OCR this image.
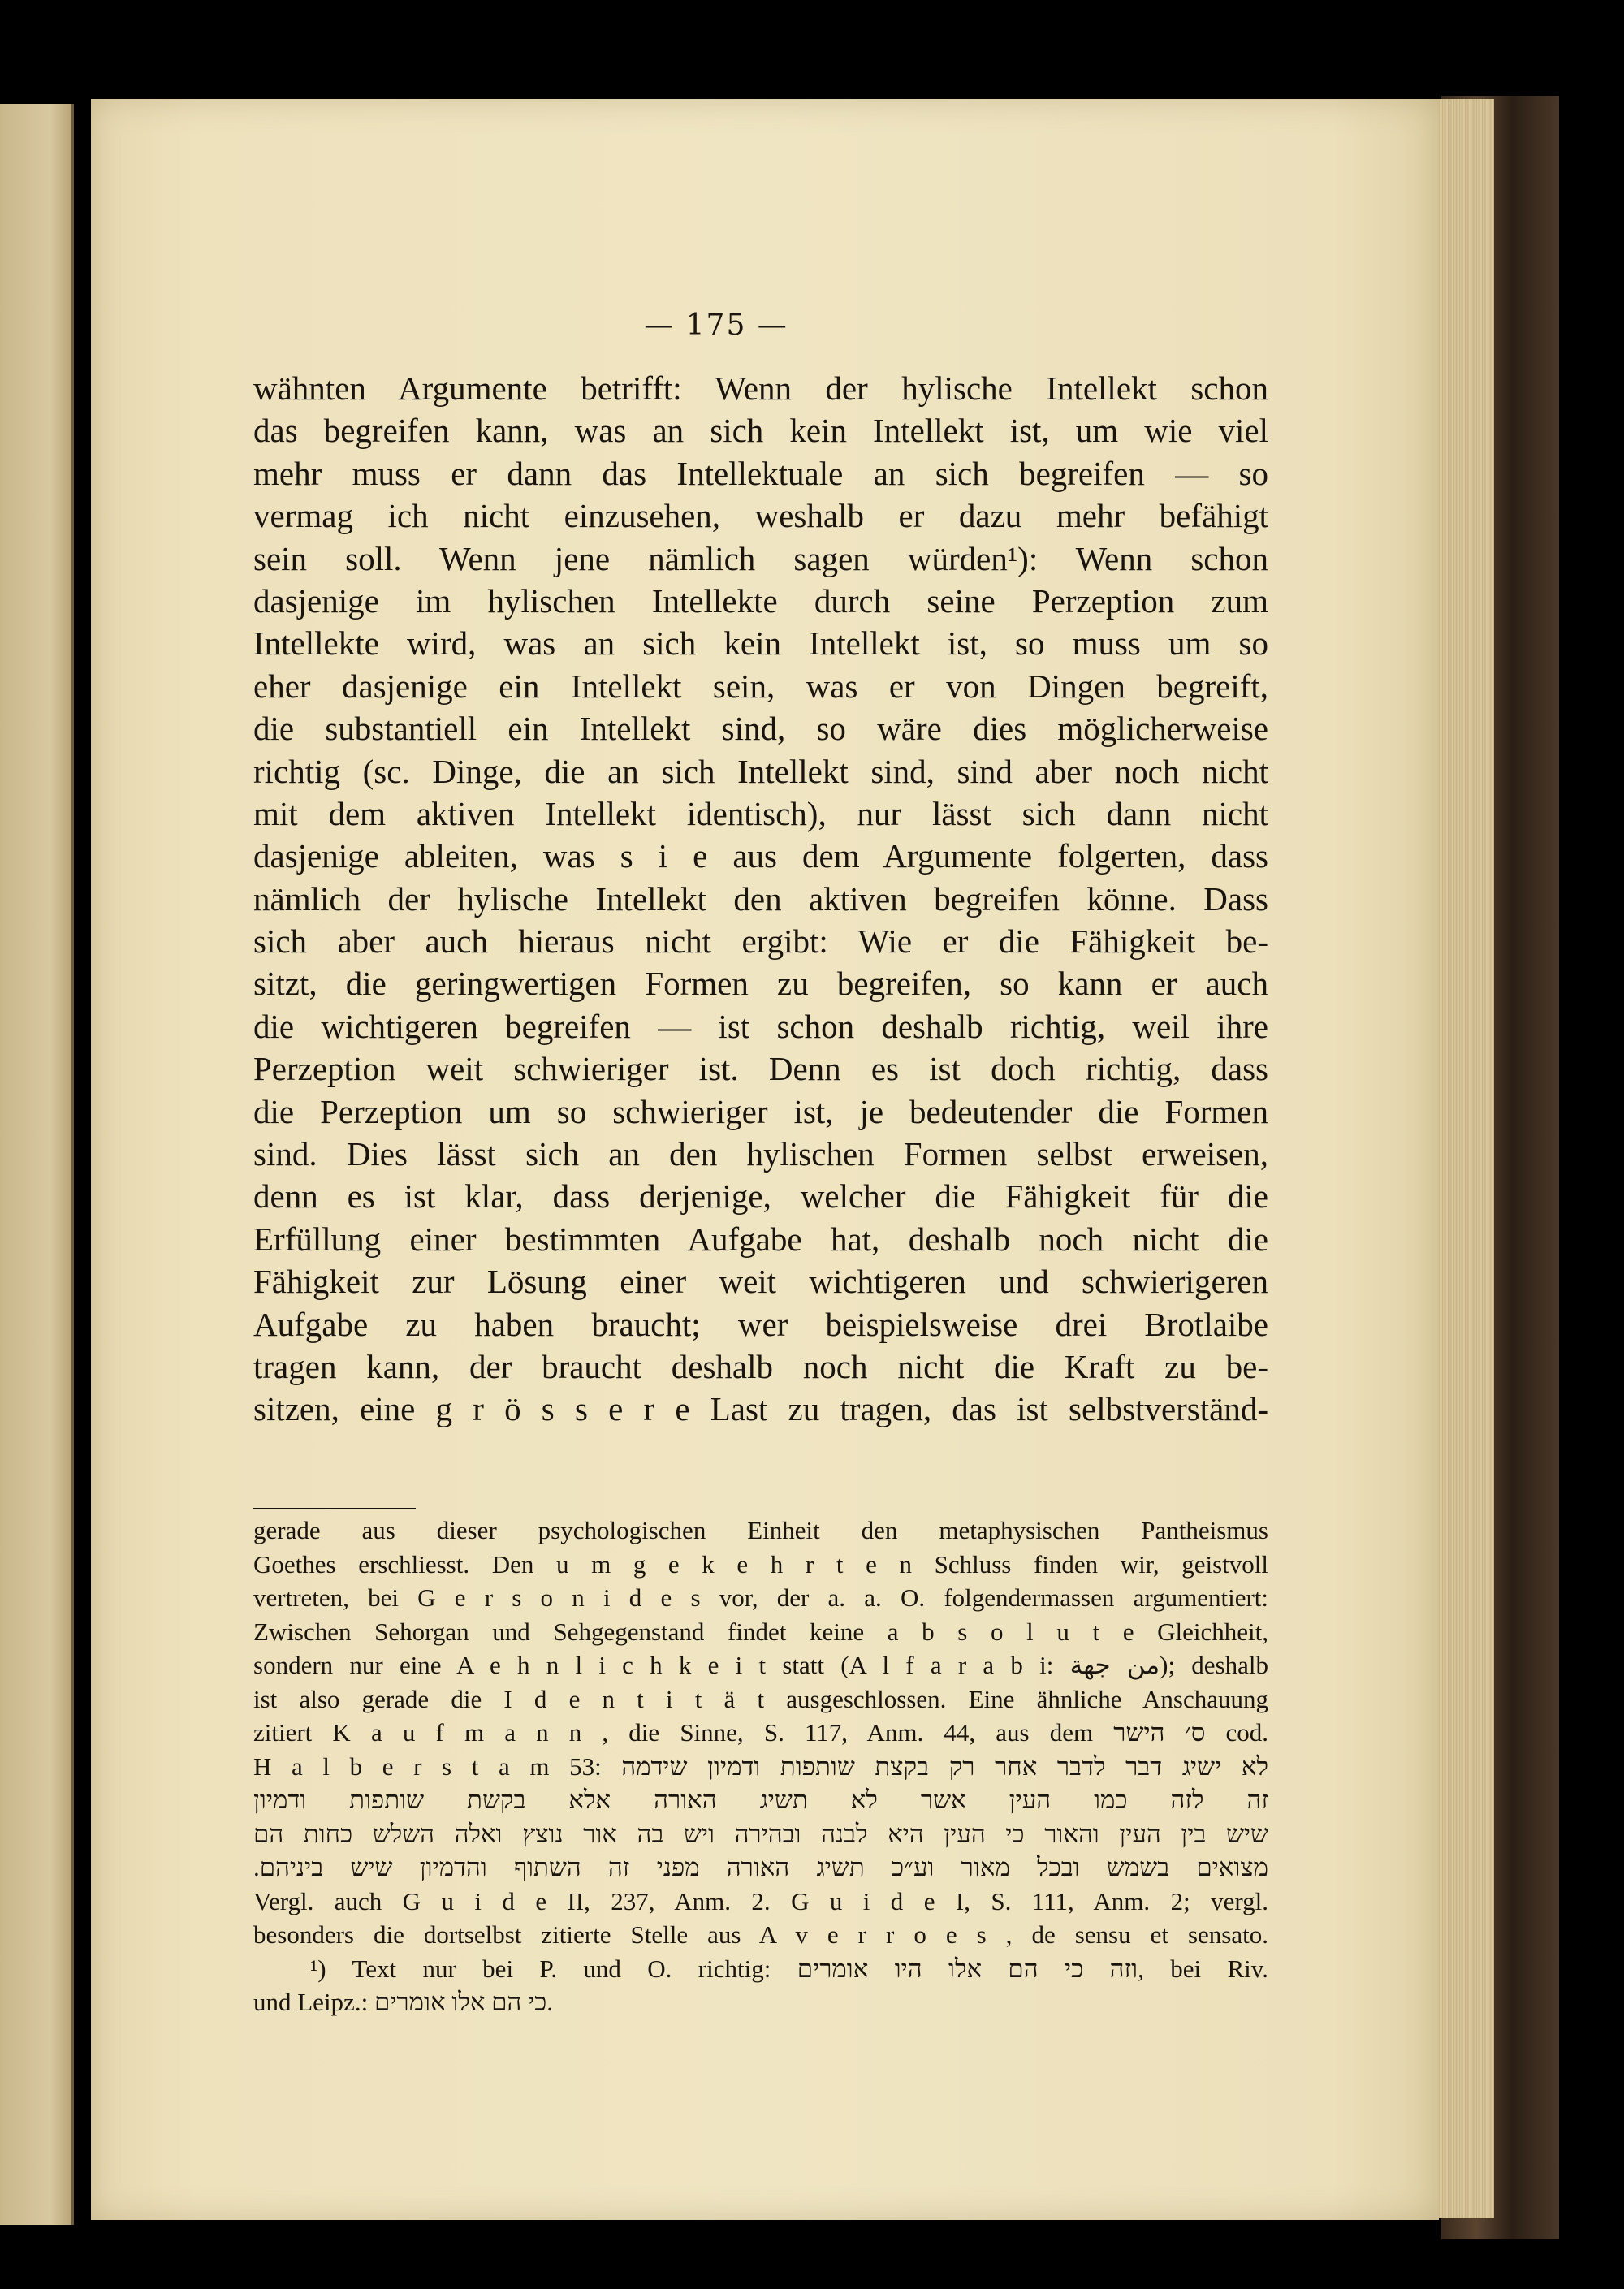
— 175 —
wähnten Argumente betrifft: Wenn der hylische Intellekt schon
das begreifen kann, was an sich kein Intellekt ist, um wie viel
mehr muss er dann das Intellektuale an sich begreifen — so
vermag ich nicht einzusehen, weshalb er dazu mehr befähigt
sein soll. Wenn jene nämlich sagen würden¹): Wenn schon
dasjenige im hylischen Intellekte durch seine Perzeption zum
Intellekte wird, was an sich kein Intellekt ist, so muss um so
eher dasjenige ein Intellekt sein, was er von Dingen begreift,
die substantiell ein Intellekt sind, so wäre dies möglicherweise
richtig (sc. Dinge, die an sich Intellekt sind, sind aber noch nicht
mit dem aktiven Intellekt identisch), nur lässt sich dann nicht
dasjenige ableiten, was s i e aus dem Argumente folgerten, dass
nämlich der hylische Intellekt den aktiven begreifen könne. Dass
sich aber auch hieraus nicht ergibt: Wie er die Fähigkeit be-
sitzt, die geringwertigen Formen zu begreifen, so kann er auch
die wichtigeren begreifen — ist schon deshalb richtig, weil ihre
Perzeption weit schwieriger ist. Denn es ist doch richtig, dass
die Perzeption um so schwieriger ist, je bedeutender die Formen
sind. Dies lässt sich an den hylischen Formen selbst erweisen,
denn es ist klar, dass derjenige, welcher die Fähigkeit für die
Erfüllung einer bestimmten Aufgabe hat, deshalb noch nicht die
Fähigkeit zur Lösung einer weit wichtigeren und schwierigeren
Aufgabe zu haben braucht; wer beispielsweise drei Brotlaibe
tragen kann, der braucht deshalb noch nicht die Kraft zu be-
sitzen, eine g r ö s s e r e Last zu tragen, das ist selbstverständ-
gerade aus dieser psychologischen Einheit den metaphysischen Pantheismus
Goethes erschliesst. Den u m g e k e h r t e n Schluss finden wir, geistvoll
vertreten, bei G e r s o n i d e s vor, der a. a. O. folgendermassen argumentiert:
Zwischen Sehorgan und Sehgegenstand findet keine a b s o l u t e Gleichheit,
sondern nur eine A e h n l i c h k e i t statt (A l f a r a b i: من جهة); deshalb
ist also gerade die I d e n t i t ä t ausgeschlossen. Eine ähnliche Anschauung
zitiert K a u f m a n n , die Sinne, S. 117, Anm. 44, aus dem ס׳ הישר cod.
H a l b e r s t a m 53: לא ישיג דבר לדבר אחר רק בקצת שותפות ודמיון שידמה
זה לזה כמו העין אשר לא תשיג האורה אלא בקשת שותפות ודמיון
שיש בין העין והאור כי העין היא לבנה ובהירה ויש בה אור נוצץ ואלה השלש כחות הם
מצואים בשמש ובכל מאור וע״כ תשיג האורה מפני זה השתוף והדמיון שיש ביניהם.
Vergl. auch G u i d e II, 237, Anm. 2. G u i d e I, S. 111, Anm. 2; vergl.
besonders die dortselbst zitierte Stelle aus A v e r r o e s , de sensu et sensato.
¹) Text nur bei P. und O. richtig: וזה כי הם אלו היו אומרים, bei Riv.
und Leipz.: כי הם אלו אומרים.
